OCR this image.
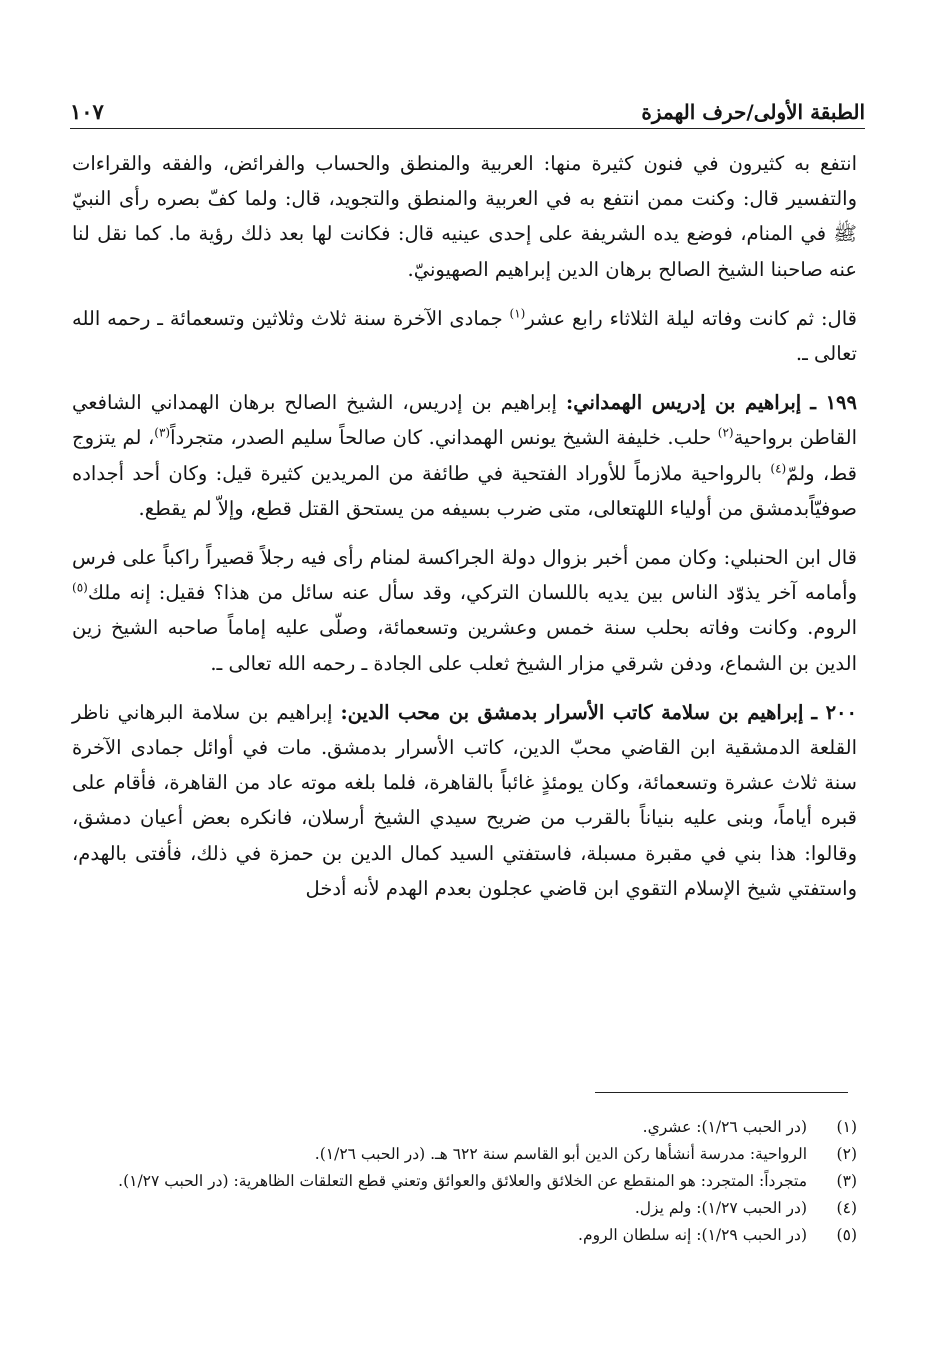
الطبقة الأولى/حرف الهمزة
١٠٧

انتفع به كثيرون في فنون كثيرة منها: العربية والمنطق والحساب والفرائض، والفقه والقراءات والتفسير قال: وكنت ممن انتفع به في العربية والمنطق والتجويد، قال: ولما كفّ بصره رأى النبيّ ﷺ في المنام، فوضع يده الشريفة على إحدى عينيه قال: فكانت لها بعد ذلك رؤية ما. كما نقل لنا عنه صاحبنا الشيخ الصالح برهان الدين إبراهيم الصهيونيّ.

قال: ثم كانت وفاته ليلة الثلاثاء رابع عشر$^{(١)}$ جمادى الآخرة سنة ثلاث وثلاثين وتسعمائة ـ رحمه الله تعالى ـ.

١٩٩ ـ إبراهيم بن إدريس الهمداني: إبراهيم بن إدريس، الشيخ الصالح برهان الهمداني الشافعي القاطن برواحية$^{(٢)}$ حلب. خليفة الشيخ يونس الهمداني. كان صالحاً سليم الصدر، متجرداً$^{(٣)}$، لم يتزوج قط، ولمّ$^{(٤)}$ بالرواحية ملازماً للأوراد الفتحية في طائفة من المريدين كثيرة قيل: وكان أحد أجداده صوفيّاًبدمشق من أولياء اللهتعالى، متى ضرب بسيفه من يستحق القتل قطع، وإلاّ لم يقطع.

قال ابن الحنبلي: وكان ممن أخبر بزوال دولة الجراكسة لمنام رأى فيه رجلاً قصيراً راكباً على فرس وأمامه آخر يذوّد الناس بين يديه باللسان التركي، وقد سأل عنه سائل من هذا؟ فقيل: إنه ملك$^{(٥)}$ الروم. وكانت وفاته بحلب سنة خمس وعشرين وتسعمائة، وصلّى عليه إماماً صاحبه الشيخ زين الدين بن الشماع، ودفن شرقي مزار الشيخ ثعلب على الجادة ـ رحمه الله تعالى ـ.

٢٠٠ ـ إبراهيم بن سلامة كاتب الأسرار بدمشق بن محب الدين: إبراهيم بن سلامة البرهاني ناظر القلعة الدمشقية ابن القاضي محبّ الدين، كاتب الأسرار بدمشق. مات في أوائل جمادى الآخرة سنة ثلاث عشرة وتسعمائة، وكان يومئذٍ غائباً بالقاهرة، فلما بلغه موته عاد من القاهرة، فأقام على قبره أياماً، وبنى عليه بنياناً بالقرب من ضريح سيدي الشيخ أرسلان، فانكره بعض أعيان دمشق، وقالوا: هذا بني في مقبرة مسبلة، فاستفتي السيد كمال الدين بن حمزة في ذلك، فأفتى بالهدم، واستفتي شيخ الإسلام التقوي ابن قاضي عجلون بعدم الهدم لأنه أدخل

(١)
(در الحبب ١/٢٦): عشري.
(٢)
الرواحية: مدرسة أنشأها ركن الدين أبو القاسم سنة ٦٢٢ هـ. (در الحبب ١/٢٦).
(٣)
متجرداً: المتجرد: هو المنقطع عن الخلائق والعلائق والعوائق وتعني قطع التعلقات الظاهرية: (در الحبب ١/٢٧).
(٤)
(در الحبب ١/٢٧): ولم يزل.
(٥)
(در الحبب ١/٢٩): إنه سلطان الروم.
